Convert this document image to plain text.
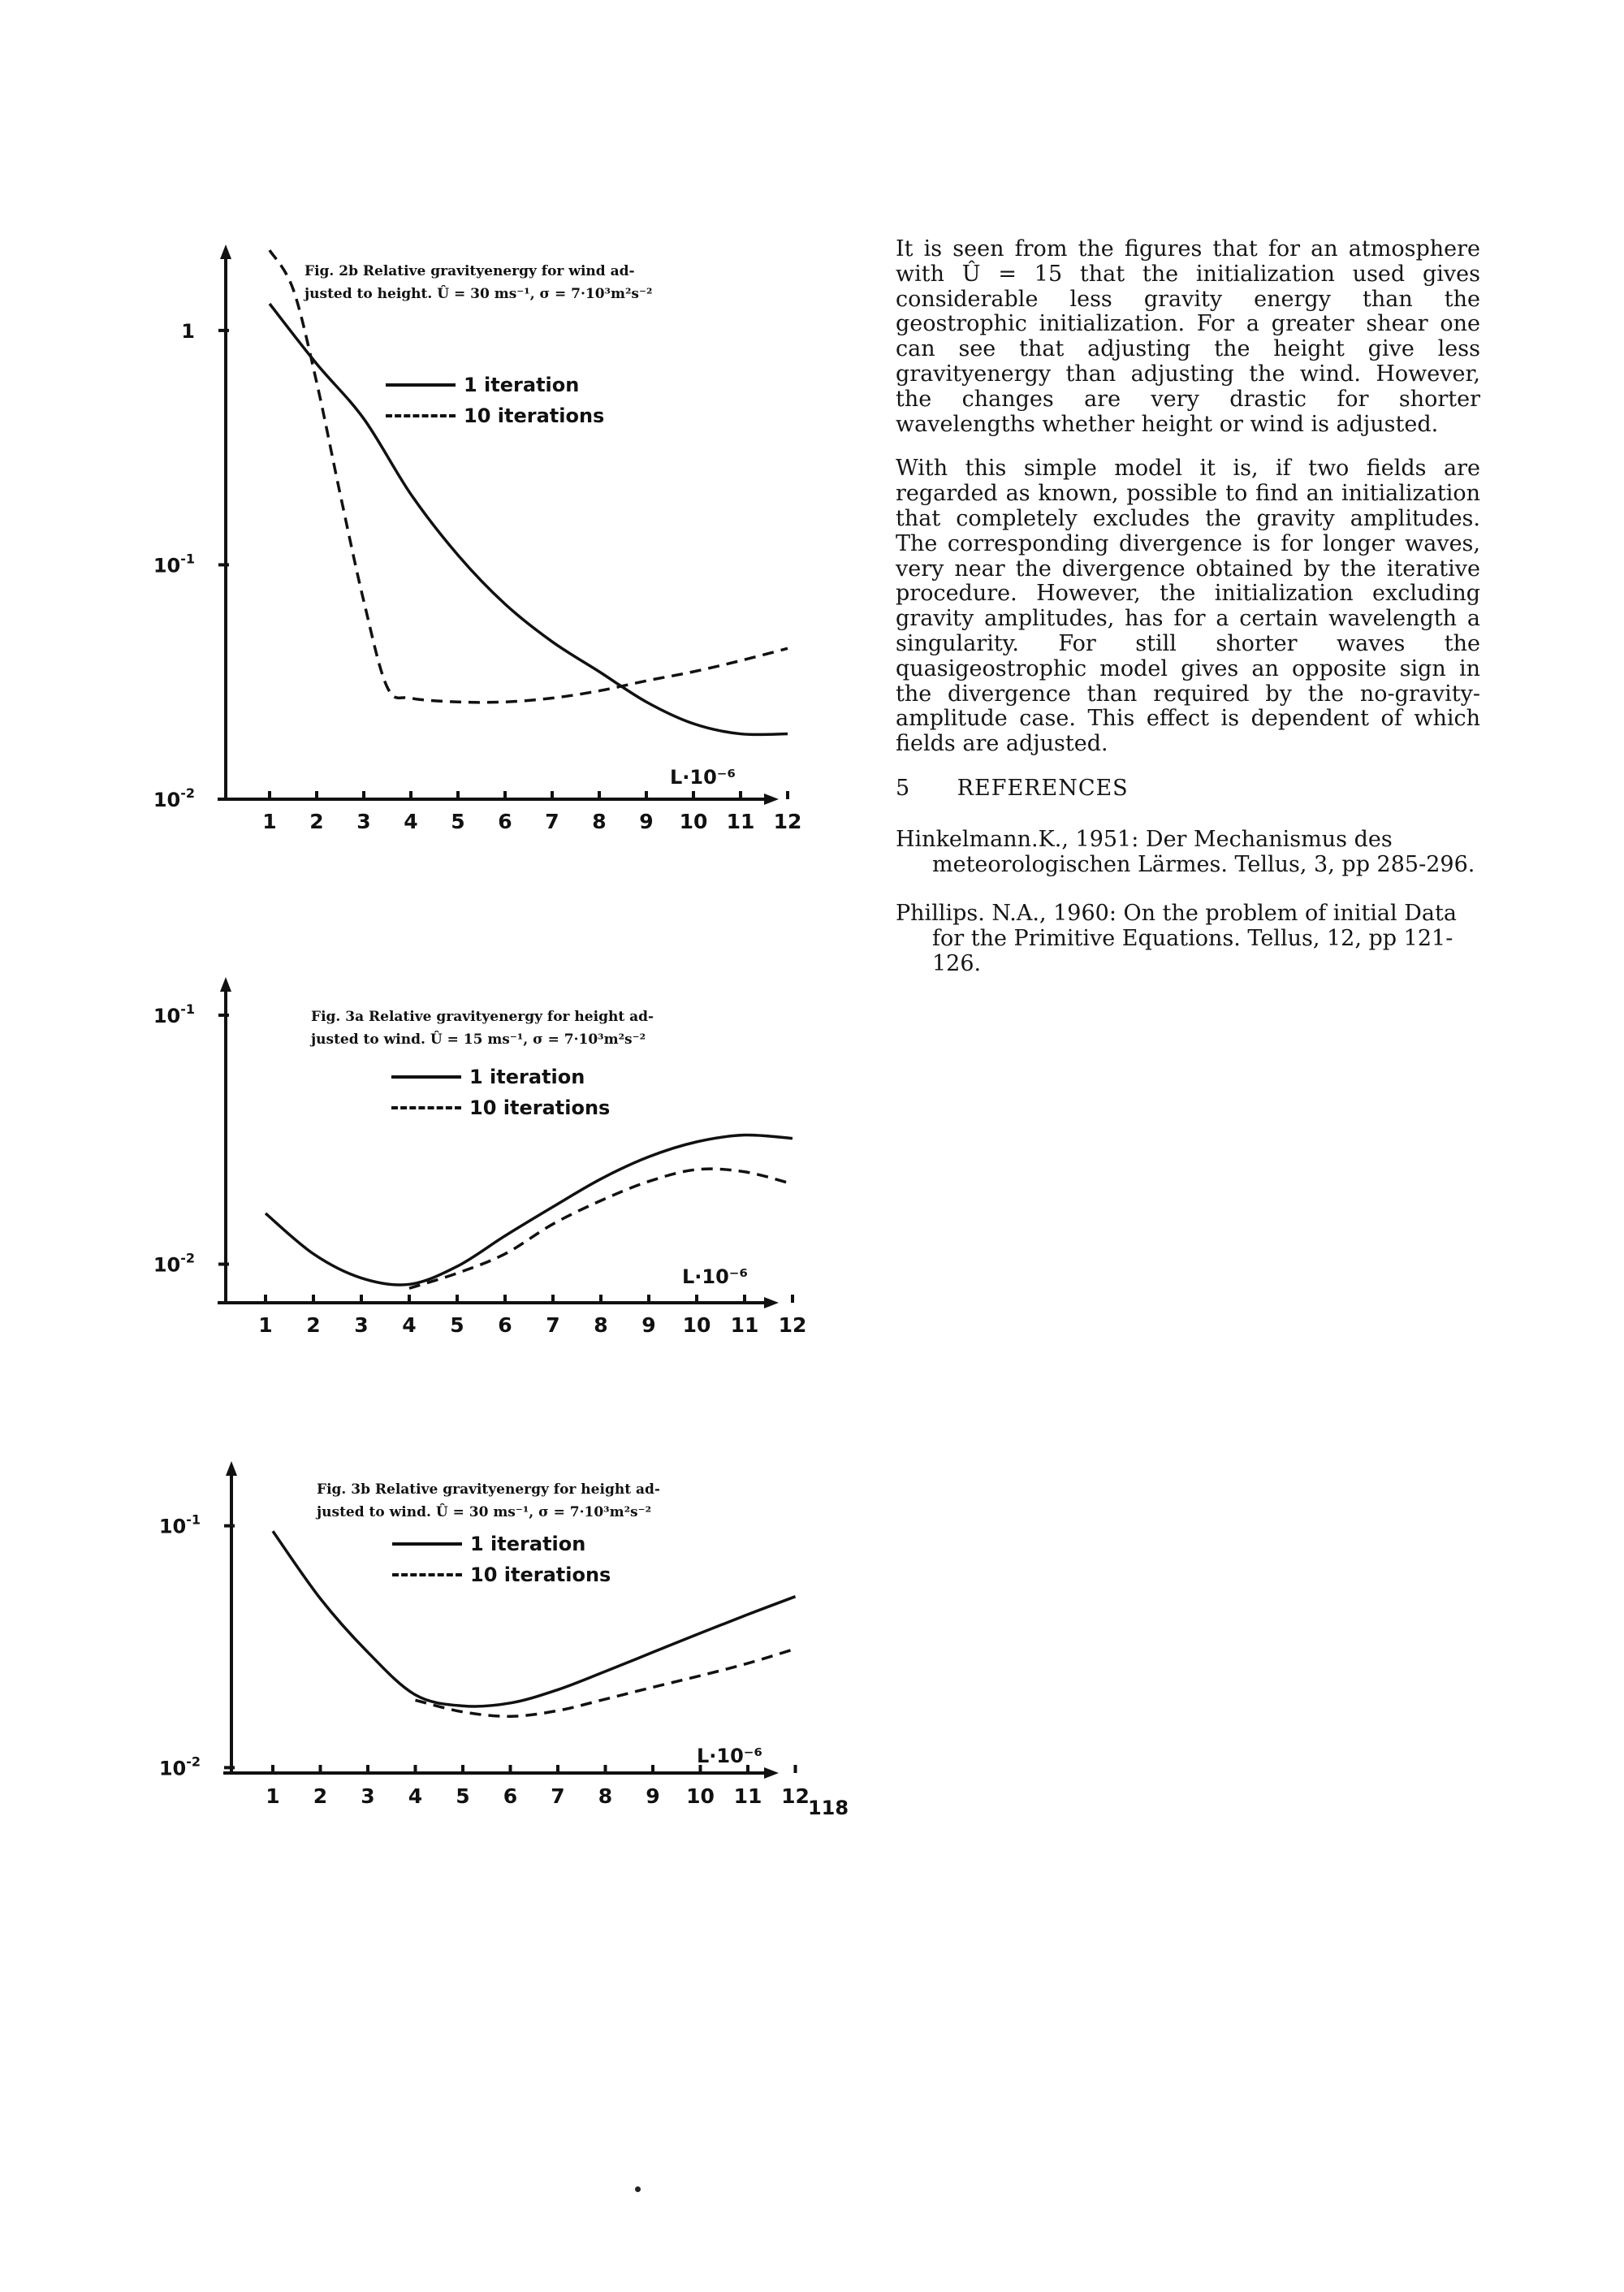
1 2 3 4 5 6 7 8 9 10 11 12
1
$10^{-1}$
$10^{-2}$
L·10⁻⁶
Fig. 2b Relative gravityenergy for wind ad-
justed to height. Û = 30 ms⁻¹, σ = 7·10³m²s⁻²
1 iteration
10 iterations
1 2 3 4 5 6 7 8 9 10 11 12
$10^{-1}$
$10^{-2}$
L·10⁻⁶
Fig. 3a Relative gravityenergy for height ad-
justed to wind. Û = 15 ms⁻¹, σ = 7·10³m²s⁻²
1 iteration
10 iterations
1 2 3 4 5 6 7 8 9 10 11 12
$10^{-1}$
$10^{-2}$	L·10⁻⁶
Fig. 3b Relative gravityenergy for height ad-
justed to wind. Û = 30 ms⁻¹, σ = 7·10³m²s⁻²
1 iteration
10 iterations

It is seen from the figures that for an atmosphere with Û = 15 that the initialization used gives considerable less gravity energy than the geostrophic initialization. For a greater shear one can see that adjusting the height give less gravityenergy than adjusting the wind. However, the changes are very drastic for shorter wavelengths whether height or wind is adjusted.

With this simple model it is, if two fields are regarded as known, possible to find an initialization that completely excludes the gravity amplitudes. The corresponding divergence is for longer waves, very near the divergence obtained by the iterative procedure. However, the initialization excluding gravity amplitudes, has for a certain wavelength a singularity. For still shorter waves the quasigeostrophic model gives an opposite sign in the divergence than required by the no-gravity-amplitude case. This effect is dependent of which fields are adjusted.

5      REFERENCES

Hinkelmann.K., 1951: Der Mechanismus des meteorologischen Lärmes. Tellus, 3, pp 285-296.

Phillips. N.A., 1960: On the problem of initial Data for the Primitive Equations. Tellus, 12, pp 121-126.

118
